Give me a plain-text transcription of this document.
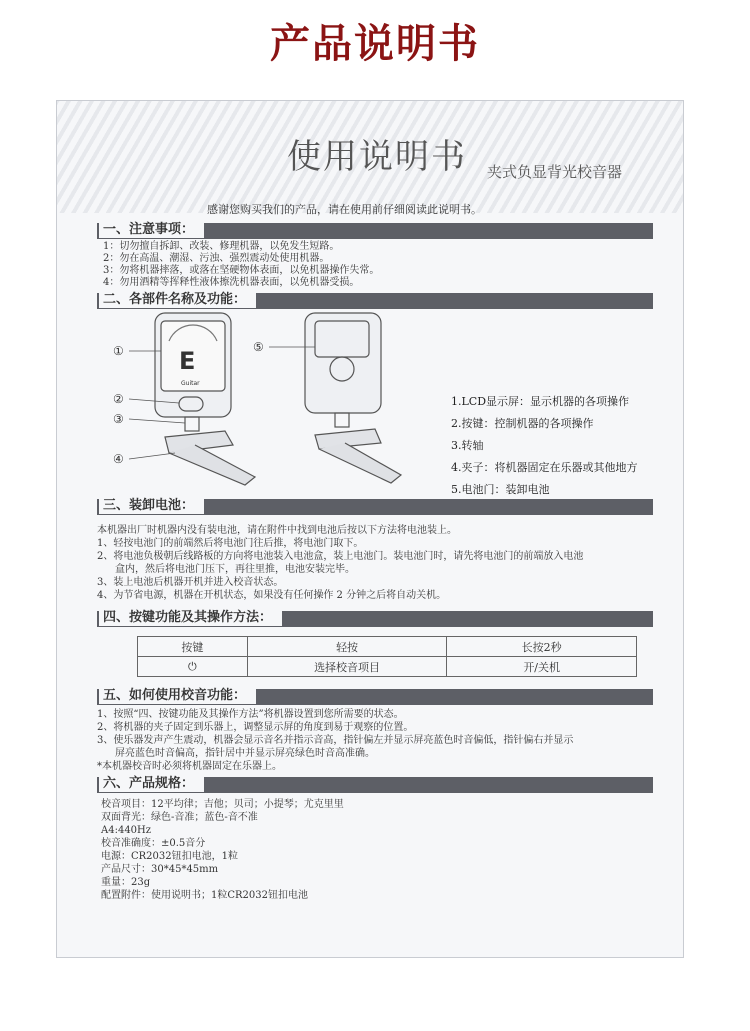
产品说明书
使用说明书 夹式负显背光校音器
感谢您购买我们的产品，请在使用前仔细阅读此说明书。
一、注意事项：
1：切勿擅自拆卸、改装、修理机器，以免发生短路。
2：勿在高温、潮湿、污浊、强烈震动处使用机器。
3：勿将机器摔落，或落在坚硬物体表面，以免机器操作失常。
4：勿用酒精等挥释性液体擦洗机器表面，以免机器受损。
二、各部件名称及功能：
E
Guitar
①
②
③
④
⑤
1.LCD显示屏：显示机器的各项操作
2.按键：控制机器的各项操作
3.转轴
4.夹子：将机器固定在乐器或其他地方
5.电池门：装卸电池
三、装卸电池：
本机器出厂时机器内没有装电池，请在附件中找到电池后按以下方法将电池装上。
1、轻按电池门的前端然后将电池门往后推，将电池门取下。
2、将电池负极朝后线路板的方向将电池装入电池盒，装上电池门。装电池门时，请先将电池门的前端放入电池
盒内，然后将电池门压下，再往里推，电池安装完毕。
3、装上电池后机器开机并进入校音状态。
4、为节省电源，机器在开机状态，如果没有任何操作 2 分钟之后将自动关机。
四、按键功能及其操作方法：
按键	轻按	长按2秒
⏻	选择校音项目	开/关机
五、如何使用校音功能：
1、按照“四、按键功能及其操作方法”将机器设置到您所需要的状态。
2、将机器的夹子固定到乐器上，调整显示屏的角度到易于观察的位置。
3、使乐器发声产生震动，机器会显示音名并指示音高，指针偏左并显示屏亮蓝色时音偏低，指针偏右并显示
屏亮蓝色时音偏高，指针居中并显示屏亮绿色时音高准确。
*本机器校音时必须将机器固定在乐器上。
六、产品规格：
校音项目：12平均律；吉他；贝司；小提琴；尤克里里
双面背光：绿色-音准；蓝色-音不准
A4:440Hz
校音准确度：±0.5音分
电源：CR2032钮扣电池，1粒
产品尺寸：30*45*45mm
重量：23g
配置附件：使用说明书；1粒CR2032钮扣电池
